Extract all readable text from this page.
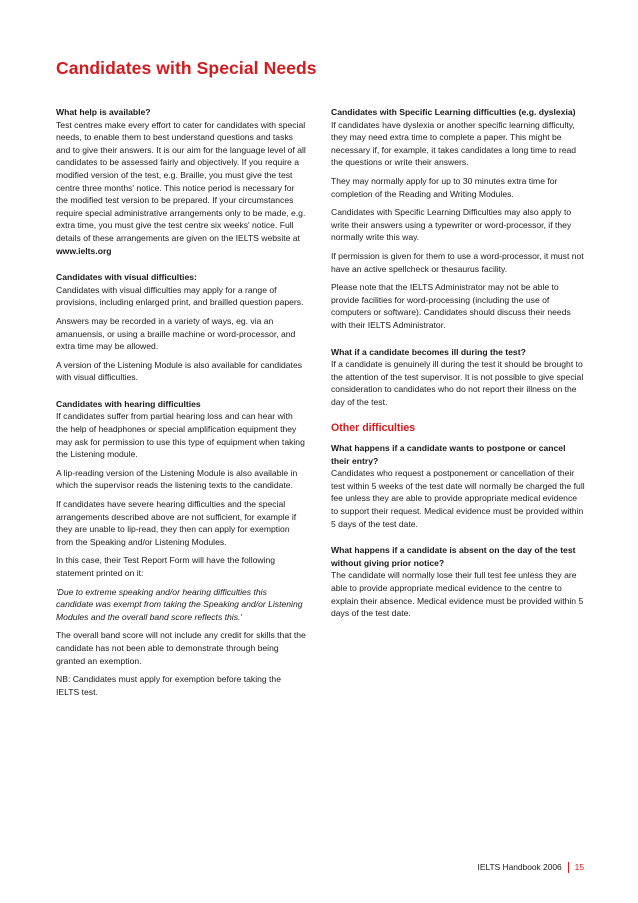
Candidates with Special Needs

What help is available?
Test centres make every effort to cater for candidates with special needs, to enable them to best understand questions and tasks and to give their answers. It is our aim for the language level of all candidates to be assessed fairly and objectively. If you require a modified version of the test, e.g. Braille, you must give the test centre three months' notice. This notice period is necessary for the modified test version to be prepared. If your circumstances require special administrative arrangements only to be made, e.g. extra time, you must give the test centre six weeks' notice. Full details of these arrangements are given on the IELTS website at www.ielts.org

Candidates with visual difficulties:
Candidates with visual difficulties may apply for a range of provisions, including enlarged print, and brailled question papers.

Answers may be recorded in a variety of ways, eg. via an amanuensis, or using a braille machine or word-processor, and extra time may be allowed.

A version of the Listening Module is also available for candidates with visual difficulties.

Candidates with hearing difficulties
If candidates suffer from partial hearing loss and can hear with the help of headphones or special amplification equipment they may ask for permission to use this type of equipment when taking the Listening module.

A lip-reading version of the Listening Module is also available in which the supervisor reads the listening texts to the candidate.

If candidates have severe hearing difficulties and the special arrangements described above are not sufficient, for example if they are unable to lip-read, they then can apply for exemption from the Speaking and/or Listening Modules.

In this case, their Test Report Form will have the following statement printed on it:

'Due to extreme speaking and/or hearing difficulties this candidate was exempt from taking the Speaking and/or Listening Modules and the overall band score reflects this.'

The overall band score will not include any credit for skills that the candidate has not been able to demonstrate through being granted an exemption.

NB: Candidates must apply for exemption before taking the IELTS test.

Candidates with Specific Learning difficulties (e.g. dyslexia)
If candidates have dyslexia or another specific learning difficulty, they may need extra time to complete a paper. This might be necessary if, for example, it takes candidates a long time to read the questions or write their answers.

They may normally apply for up to 30 minutes extra time for completion of the Reading and Writing Modules.

Candidates with Specific Learning Difficulties may also apply to write their answers using a typewriter or word-processor, if they normally write this way.

If permission is given for them to use a word-processor, it must not have an active spellcheck or thesaurus facility.

Please note that the IELTS Administrator may not be able to provide facilities for word-processing (including the use of computers or software). Candidates should discuss their needs with their IELTS Administrator.

What if a candidate becomes ill during the test?
If a candidate is genuinely ill during the test it should be brought to the attention of the test supervisor. It is not possible to give special consideration to candidates who do not report their illness on the day of the test.

Other difficulties

What happens if a candidate wants to postpone or cancel their entry?
Candidates who request a postponement or cancellation of their test within 5 weeks of the test date will normally be charged the full fee unless they are able to provide appropriate medical evidence to support their request. Medical evidence must be provided within 5 days of the test date.

What happens if a candidate is absent on the day of the test without giving prior notice?
The candidate will normally lose their full test fee unless they are able to provide appropriate medical evidence to the centre to explain their absence. Medical evidence must be provided within 5 days of the test date.

IELTS Handbook 2006 15
